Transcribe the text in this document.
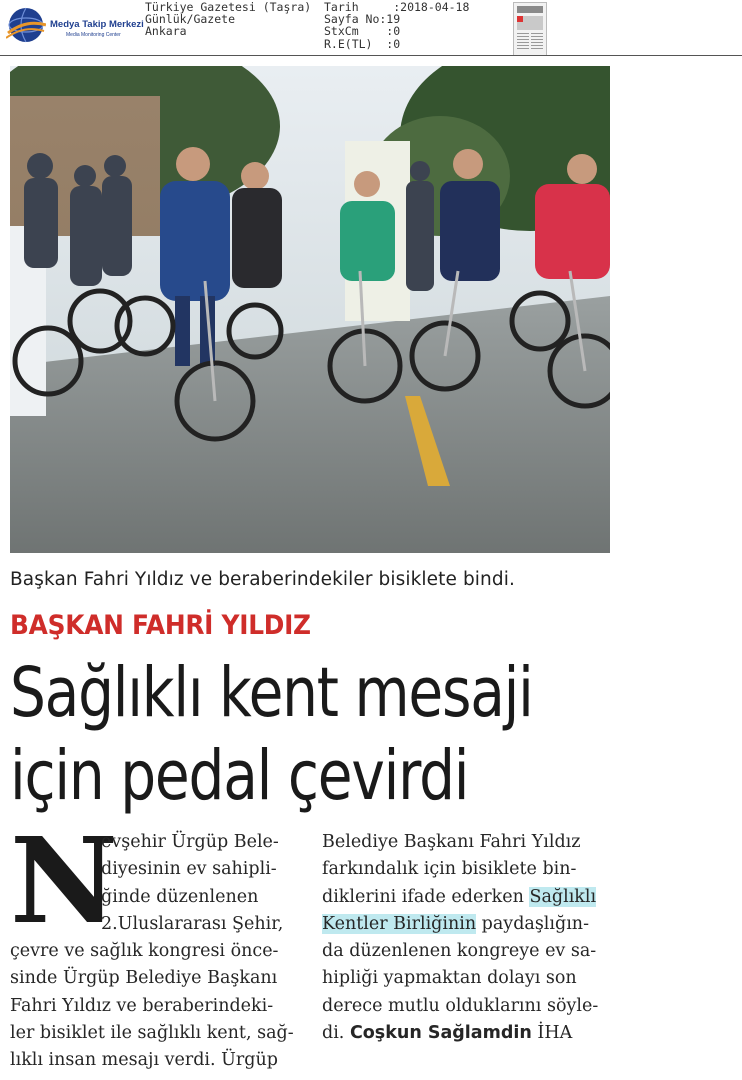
Medya Takip Merkezi
Media Monitoring Center
Türkiye Gazetesi (Taşra)
Günlük/Gazete
Ankara
Tarih     :2018-04-18
Sayfa No:19
StxCm    :0
R.E(TL)  :0
Başkan Fahri Yıldız ve beraberindekiler bisiklete bindi.
BAŞKAN FAHRİ YILDIZ
Sağlıklı kent mesaji
için pedal çevirdi
N
evşehir Ürgüp Bele-
diyesinin ev sahipli-
ğinde düzenlenen
2.Uluslararası Şehir,
çevre ve sağlık kongresi önce-
sinde Ürgüp Belediye Başkanı
Fahri Yıldız ve beraberindeki-
ler bisiklet ile sağlıklı kent, sağ-
lıklı insan mesajı verdi. Ürgüp
Belediye Başkanı Fahri Yıldız
farkındalık için bisiklete bin-
diklerini ifade ederken Sağlıklı
Kentler Birliğinin paydaşlığın-
da düzenlenen kongreye ev sa-
hipliği yapmaktan dolayı son
derece mutlu olduklarını söyle-
di. Coşkun Sağlamdin İHA
